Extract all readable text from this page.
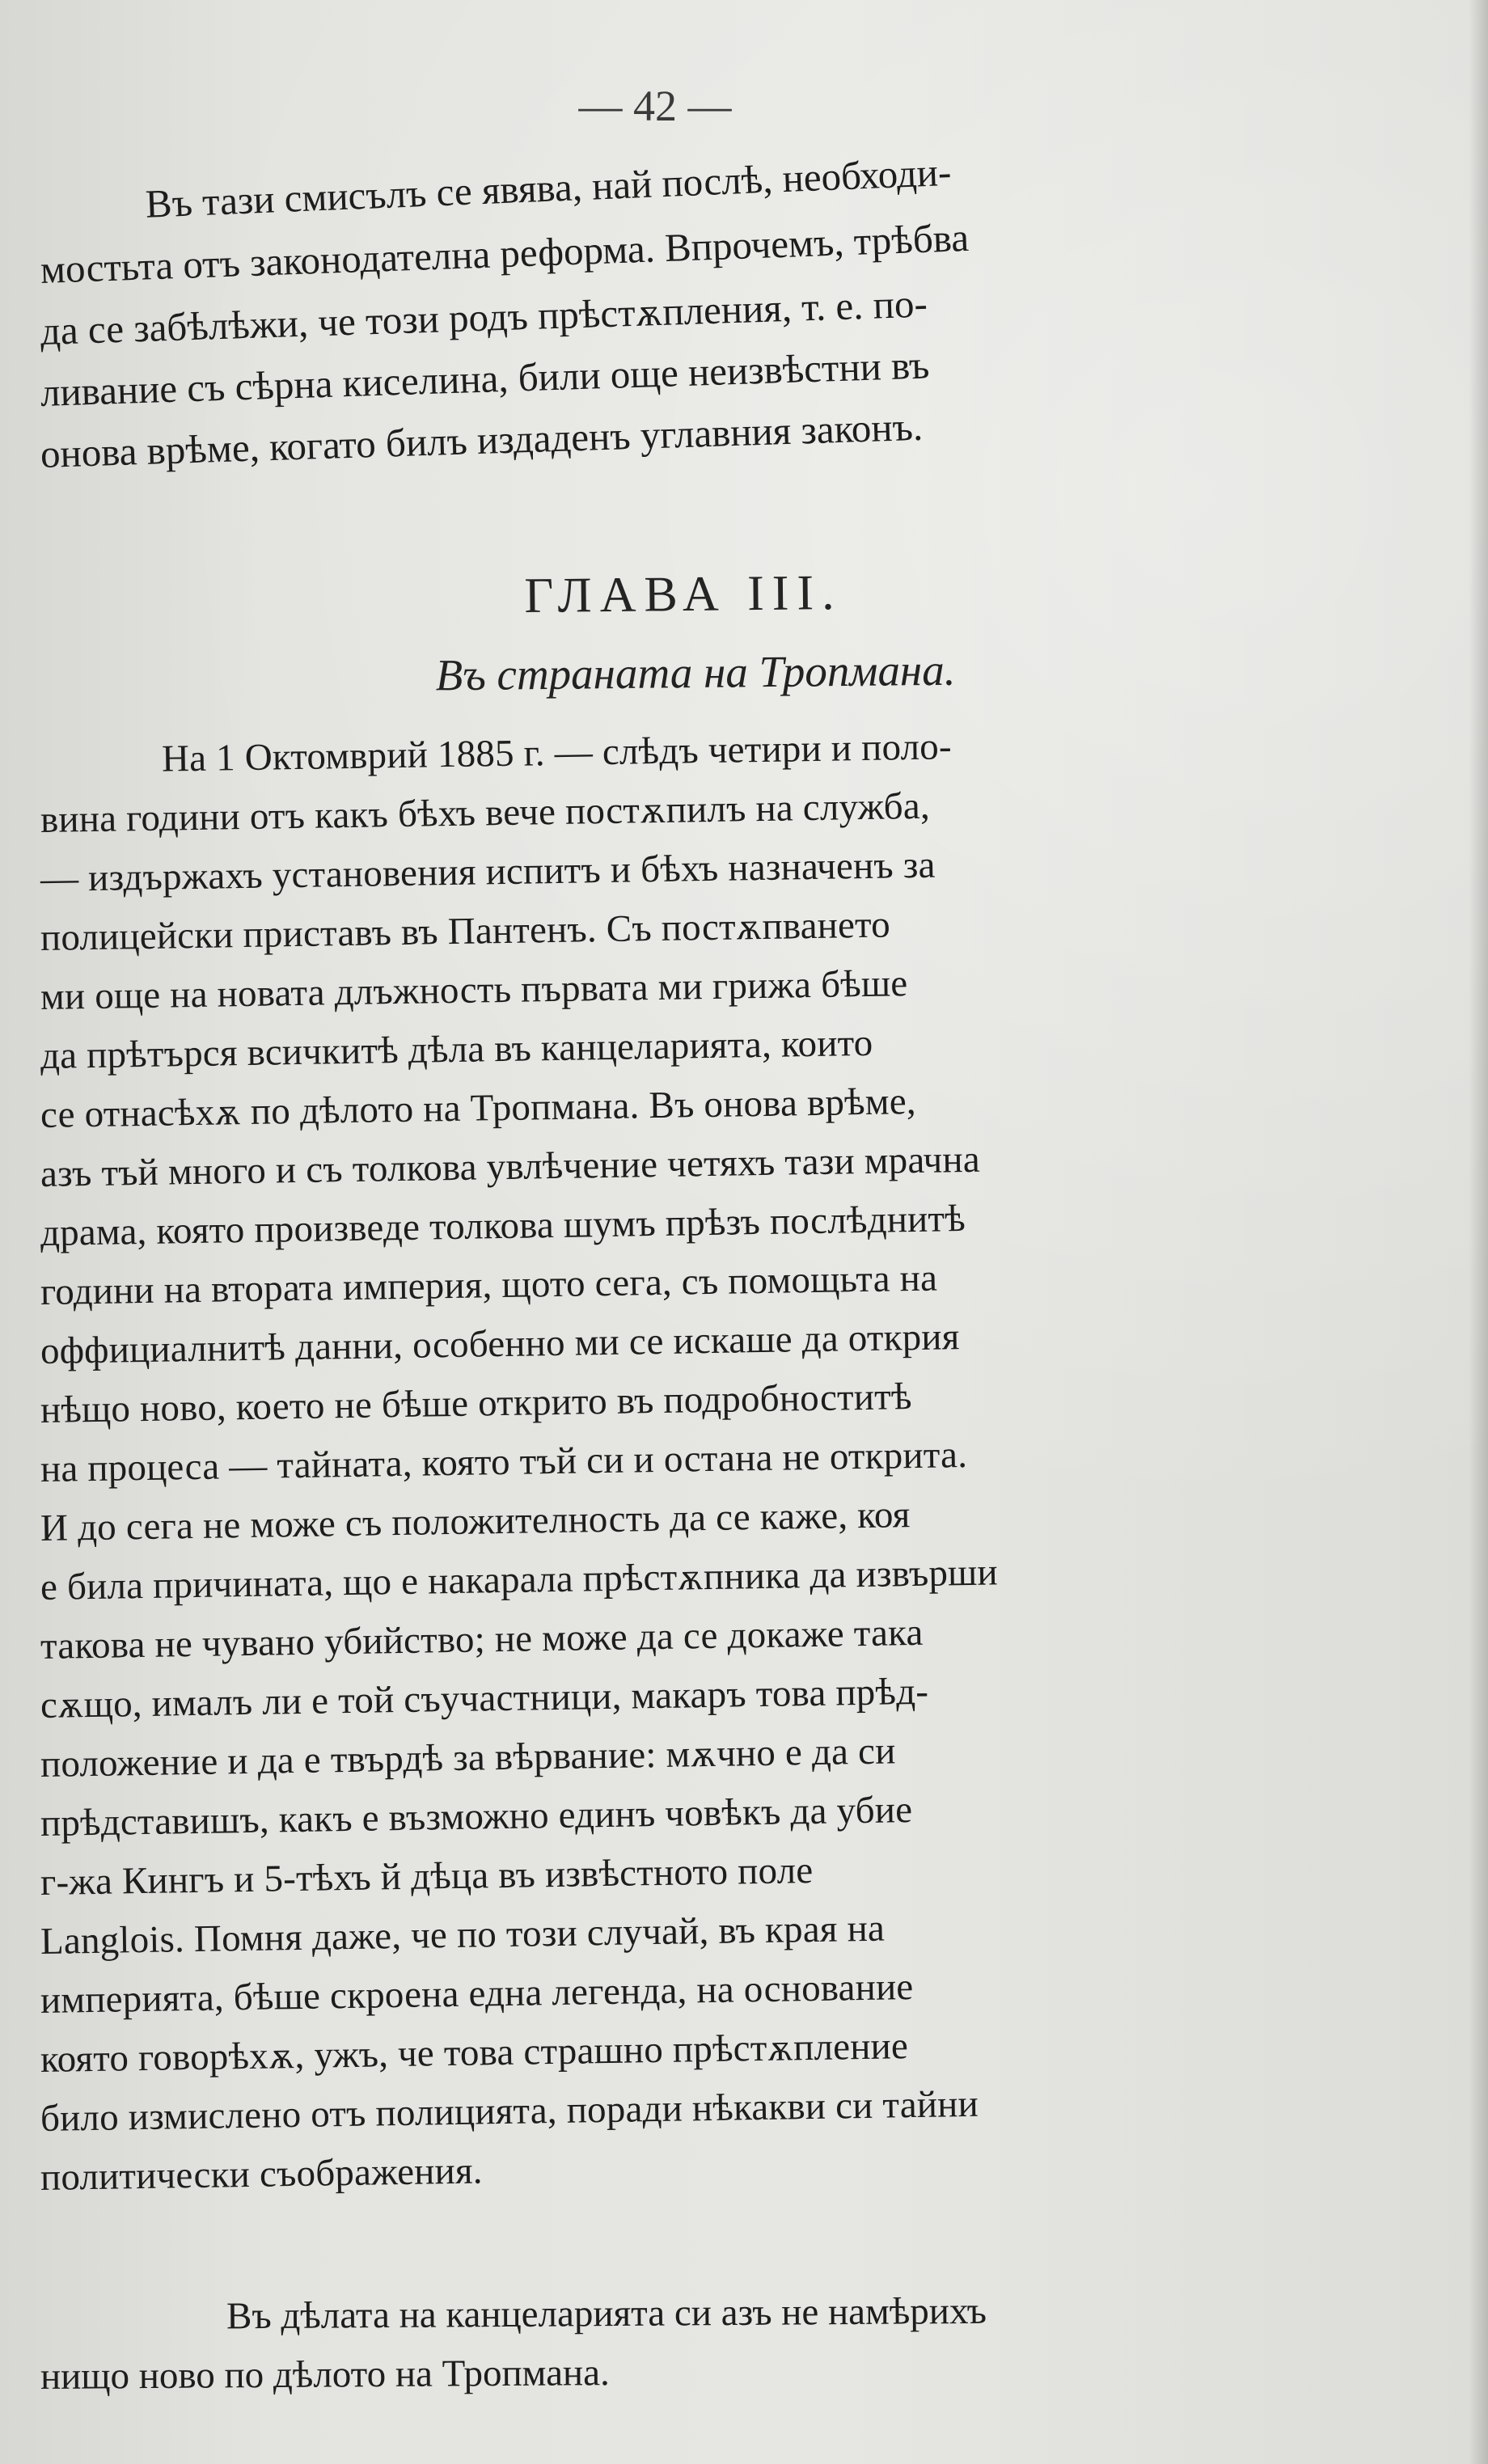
— 42 —
Въ тази смисълъ се явява, най послѣ, необходи-
мостьта отъ законодателна реформа. Впрочемъ, трѣбва
да се забѣлѣжи, че този родъ прѣстѫпления, т. е. по-
ливание съ сѣрна киселина, били още неизвѣстни въ
онова врѣме, когато билъ издаденъ углавния законъ.
ГЛАВА III.
Въ страната на Тропмана.
На 1 Октомврий 1885 г. — слѣдъ четири и поло-
вина години отъ какъ бѣхъ вече постѫпилъ на служба,
— издържахъ установения испитъ и бѣхъ назначенъ за
полицейски приставъ въ Пантенъ. Съ постѫпването
ми още на новата длъжность първата ми грижа бѣше
да прѣтърся всичкитѣ дѣла въ канцеларията, които
се отнасѣхѫ по дѣлото на Тропмана. Въ онова врѣме,
азъ тъй много и съ толкова увлѣчение четяхъ тази мрачна
драма, която произведе толкова шумъ прѣзъ послѣднитѣ
години на втората империя, щото сега, съ помощьта на
оффициалнитѣ данни, особенно ми се искаше да открия
нѣщо ново, което не бѣше открито въ подробноститѣ
на процеса — тайната, която тъй си и остана не открита.
И до сега не може съ положителность да се каже, коя
е била причината, що е накарала прѣстѫпника да извърши
такова не чувано убийство; не може да се докаже така
сѫщо, ималъ ли е той съучастници, макаръ това прѣд-
положение и да е твърдѣ за вѣрвание: мѫчно е да си
прѣдставишъ, какъ е възможно единъ човѣкъ да убие
г-жа Кингъ и 5-тѣхъ й дѣца въ извѣстното поле
Langlois. Помня даже, че по този случай, въ края на
империята, бѣше скроена една легенда, на основание
която говорѣхѫ, ужъ, че това страшно прѣстѫпление
било измислено отъ полицията, поради нѣкакви си тайни
политически съображения.
Въ дѣлата на канцеларията си азъ не намѣрихъ
нищо ново по дѣлото на Тропмана.
